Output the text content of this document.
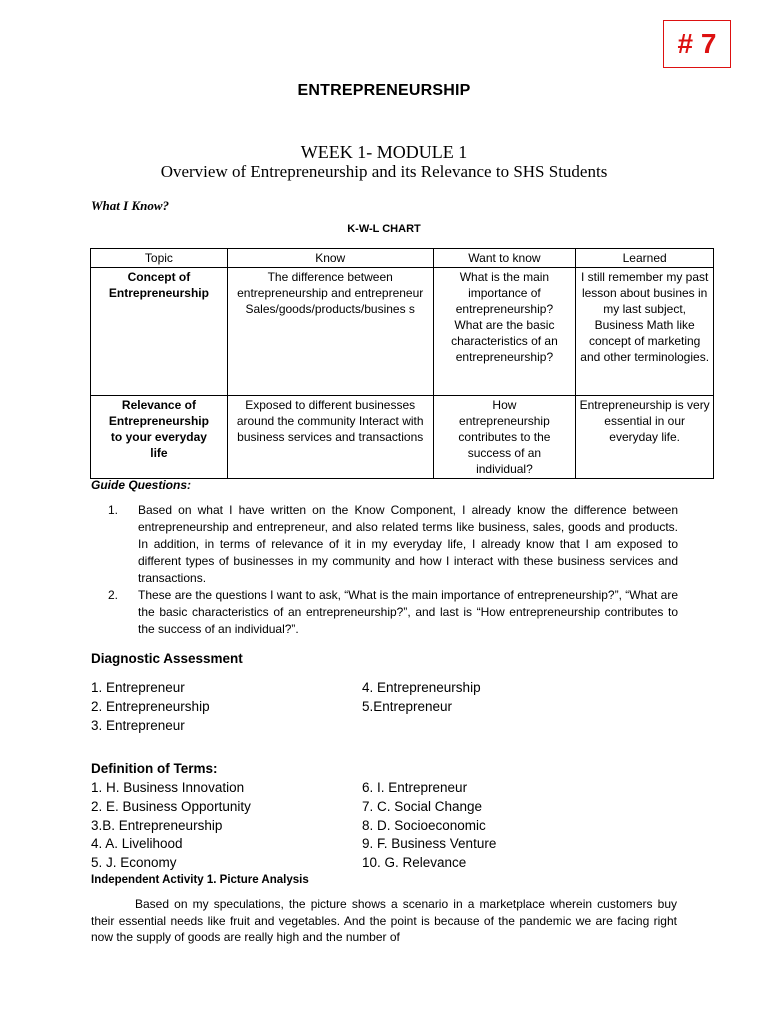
# 7
ENTREPRENEURSHIP
WEEK 1- MODULE 1
Overview of Entrepreneurship and its Relevance to SHS Students
What I Know?
K-W-L CHART
Topic	Know	Want to know	Learned

Concept of Entrepreneurship	The difference between entrepreneurship and entrepreneur Sales/goods/products/busines s	What is the main importance of entrepreneurship? What are the basic characteristics of an entrepreneurship?	I still remember my past lesson about busines in my last subject, Business Math like concept of marketing and other terminologies.

Relevance of Entrepreneurship to your everyday life	Exposed to different businesses around the community Interact with business services and transactions	How entrepreneurship contributes to the success of an individual?	Entrepreneurship is very essential in our everyday life.
Guide Questions:
1.	Based on what I have written on the Know Component, I already know the difference between entrepreneurship and entrepreneur, and also related terms like business, sales, goods and products. In addition, in terms of relevance of it in my everyday life, I already know that I am exposed to different types of businesses in my community and how I interact with these business services and transactions.
2.	These are the questions I want to ask, “What is the main importance of entrepreneurship?”, “What are the basic characteristics of an entrepreneurship?”, and last is “How entrepreneurship contributes to the success of an individual?”.
Diagnostic Assessment
1. Entrepreneur
2. Entrepreneurship
3. Entrepreneur
4. Entrepreneurship
5.Entrepreneur
Definition of Terms:
1. H. Business Innovation
2. E. Business Opportunity
3.B. Entrepreneurship
4. A. Livelihood
5. J. Economy
6. I. Entrepreneur
7. C. Social Change
8. D. Socioeconomic
9. F. Business Venture
10. G. Relevance
Independent Activity 1. Picture Analysis
Based on my speculations, the picture shows a scenario in a marketplace wherein customers buy their essential needs like fruit and vegetables. And the point is because of the pandemic we are facing right now the supply of goods are really high and the number of
